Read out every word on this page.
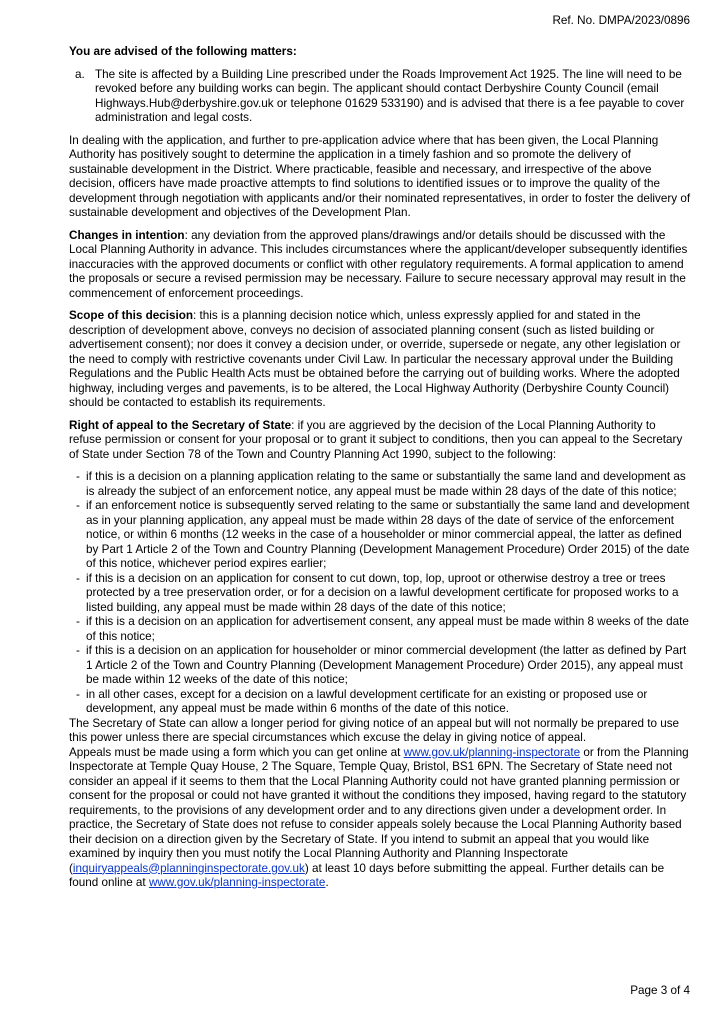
Ref. No. DMPA/2023/0896

You are advised of the following matters:

a. The site is affected by a Building Line prescribed under the Roads Improvement Act 1925. The line will need to be revoked before any building works can begin. The applicant should contact Derbyshire County Council (email Highways.Hub@derbyshire.gov.uk or telephone 01629 533190) and is advised that there is a fee payable to cover administration and legal costs.

In dealing with the application, and further to pre-application advice where that has been given, the Local Planning Authority has positively sought to determine the application in a timely fashion and so promote the delivery of sustainable development in the District. Where practicable, feasible and necessary, and irrespective of the above decision, officers have made proactive attempts to find solutions to identified issues or to improve the quality of the development through negotiation with applicants and/or their nominated representatives, in order to foster the delivery of sustainable development and objectives of the Development Plan.

Changes in intention: any deviation from the approved plans/drawings and/or details should be discussed with the Local Planning Authority in advance. This includes circumstances where the applicant/developer subsequently identifies inaccuracies with the approved documents or conflict with other regulatory requirements. A formal application to amend the proposals or secure a revised permission may be necessary. Failure to secure necessary approval may result in the commencement of enforcement proceedings.

Scope of this decision: this is a planning decision notice which, unless expressly applied for and stated in the description of development above, conveys no decision of associated planning consent (such as listed building or advertisement consent); nor does it convey a decision under, or override, supersede or negate, any other legislation or the need to comply with restrictive covenants under Civil Law. In particular the necessary approval under the Building Regulations and the Public Health Acts must be obtained before the carrying out of building works. Where the adopted highway, including verges and pavements, is to be altered, the Local Highway Authority (Derbyshire County Council) should be contacted to establish its requirements.

Right of appeal to the Secretary of State: if you are aggrieved by the decision of the Local Planning Authority to refuse permission or consent for your proposal or to grant it subject to conditions, then you can appeal to the Secretary of State under Section 78 of the Town and Country Planning Act 1990, subject to the following:

- if this is a decision on a planning application relating to the same or substantially the same land and development as is already the subject of an enforcement notice, any appeal must be made within 28 days of the date of this notice;
- if an enforcement notice is subsequently served relating to the same or substantially the same land and development as in your planning application, any appeal must be made within 28 days of the date of service of the enforcement notice, or within 6 months (12 weeks in the case of a householder or minor commercial appeal, the latter as defined by Part 1 Article 2 of the Town and Country Planning (Development Management Procedure) Order 2015) of the date of this notice, whichever period expires earlier;
- if this is a decision on an application for consent to cut down, top, lop, uproot or otherwise destroy a tree or trees protected by a tree preservation order, or for a decision on a lawful development certificate for proposed works to a listed building, any appeal must be made within 28 days of the date of this notice;
- if this is a decision on an application for advertisement consent, any appeal must be made within 8 weeks of the date of this notice;
- if this is a decision on an application for householder or minor commercial development (the latter as defined by Part 1 Article 2 of the Town and Country Planning (Development Management Procedure) Order 2015), any appeal must be made within 12 weeks of the date of this notice;
- in all other cases, except for a decision on a lawful development certificate for an existing or proposed use or development, any appeal must be made within 6 months of the date of this notice.

The Secretary of State can allow a longer period for giving notice of an appeal but will not normally be prepared to use this power unless there are special circumstances which excuse the delay in giving notice of appeal.

Appeals must be made using a form which you can get online at www.gov.uk/planning-inspectorate or from the Planning Inspectorate at Temple Quay House, 2 The Square, Temple Quay, Bristol, BS1 6PN. The Secretary of State need not consider an appeal if it seems to them that the Local Planning Authority could not have granted planning permission or consent for the proposal or could not have granted it without the conditions they imposed, having regard to the statutory requirements, to the provisions of any development order and to any directions given under a development order. In practice, the Secretary of State does not refuse to consider appeals solely because the Local Planning Authority based their decision on a direction given by the Secretary of State. If you intend to submit an appeal that you would like examined by inquiry then you must notify the Local Planning Authority and Planning Inspectorate (inquiryappeals@planninginspectorate.gov.uk) at least 10 days before submitting the appeal. Further details can be found online at www.gov.uk/planning-inspectorate.

Page 3 of 4
